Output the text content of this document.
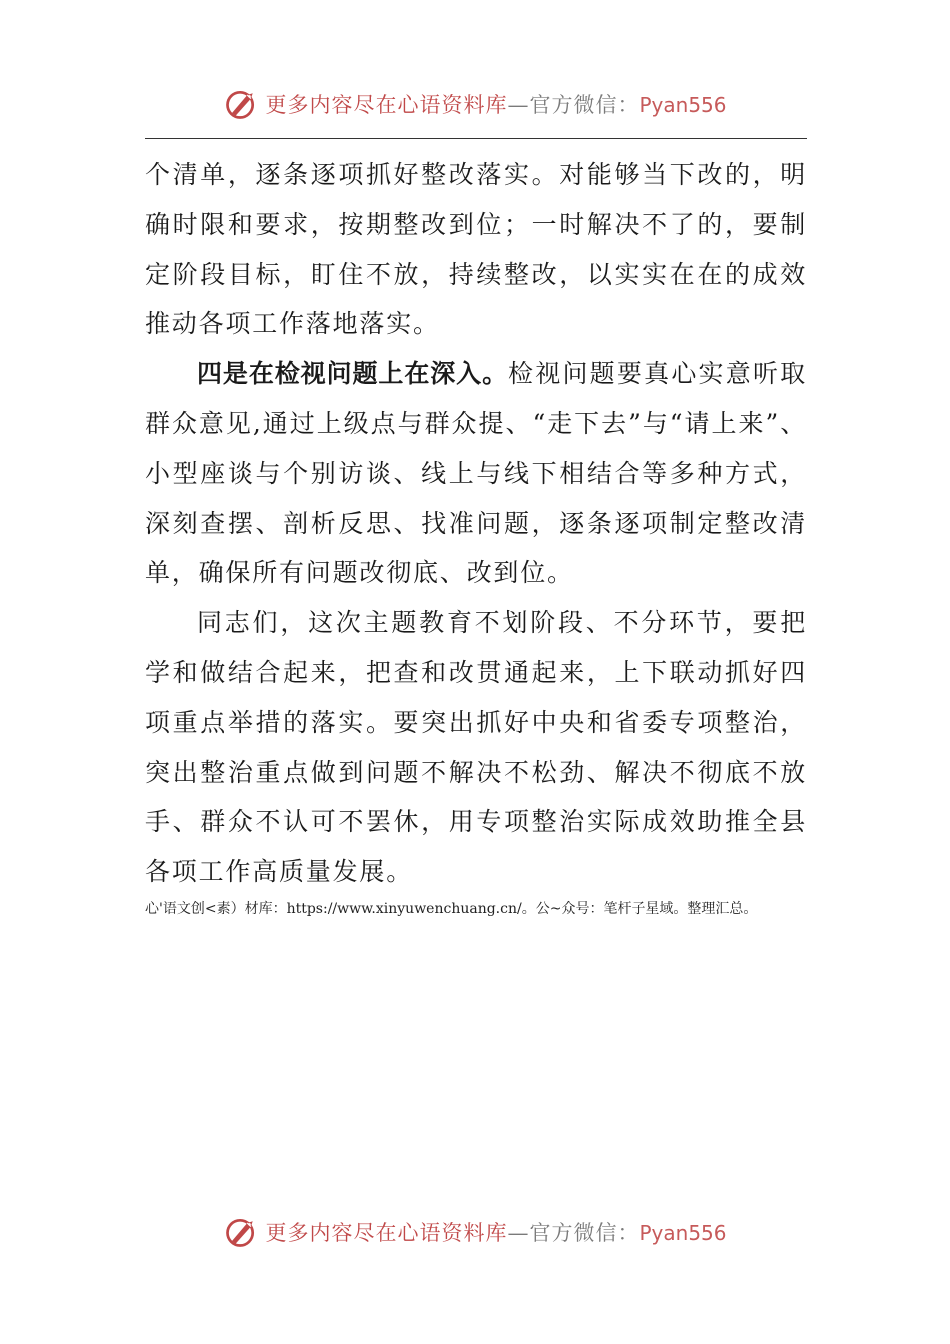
更多内容尽在心语资料库—官方微信：Pyan556

个清单，逐条逐项抓好整改落实。对能够当下改的，明确时限和要求，按期整改到位；一时解决不了的，要制定阶段目标，盯住不放，持续整改，以实实在在的成效推动各项工作落地落实。

四是在检视问题上在深入。检视问题要真心实意听取群众意见,通过上级点与群众提、“走下去”与“请上来”、小型座谈与个别访谈、线上与线下相结合等多种方式，深刻查摆、剖析反思、找准问题，逐条逐项制定整改清单，确保所有问题改彻底、改到位。

同志们，这次主题教育不划阶段、不分环节，要把学和做结合起来，把查和改贯通起来，上下联动抓好四项重点举措的落实。要突出抓好中央和省委专项整治，突出整治重点做到问题不解决不松劲、解决不彻底不放手、群众不认可不罢休，用专项整治实际成效助推全县各项工作高质量发展。

心'语文创<素）材库：https://www.xinyuwenchuang.cn/。公~众号：笔杆子星域。整理汇总。
更多内容尽在心语资料库—官方微信：Pyan556
